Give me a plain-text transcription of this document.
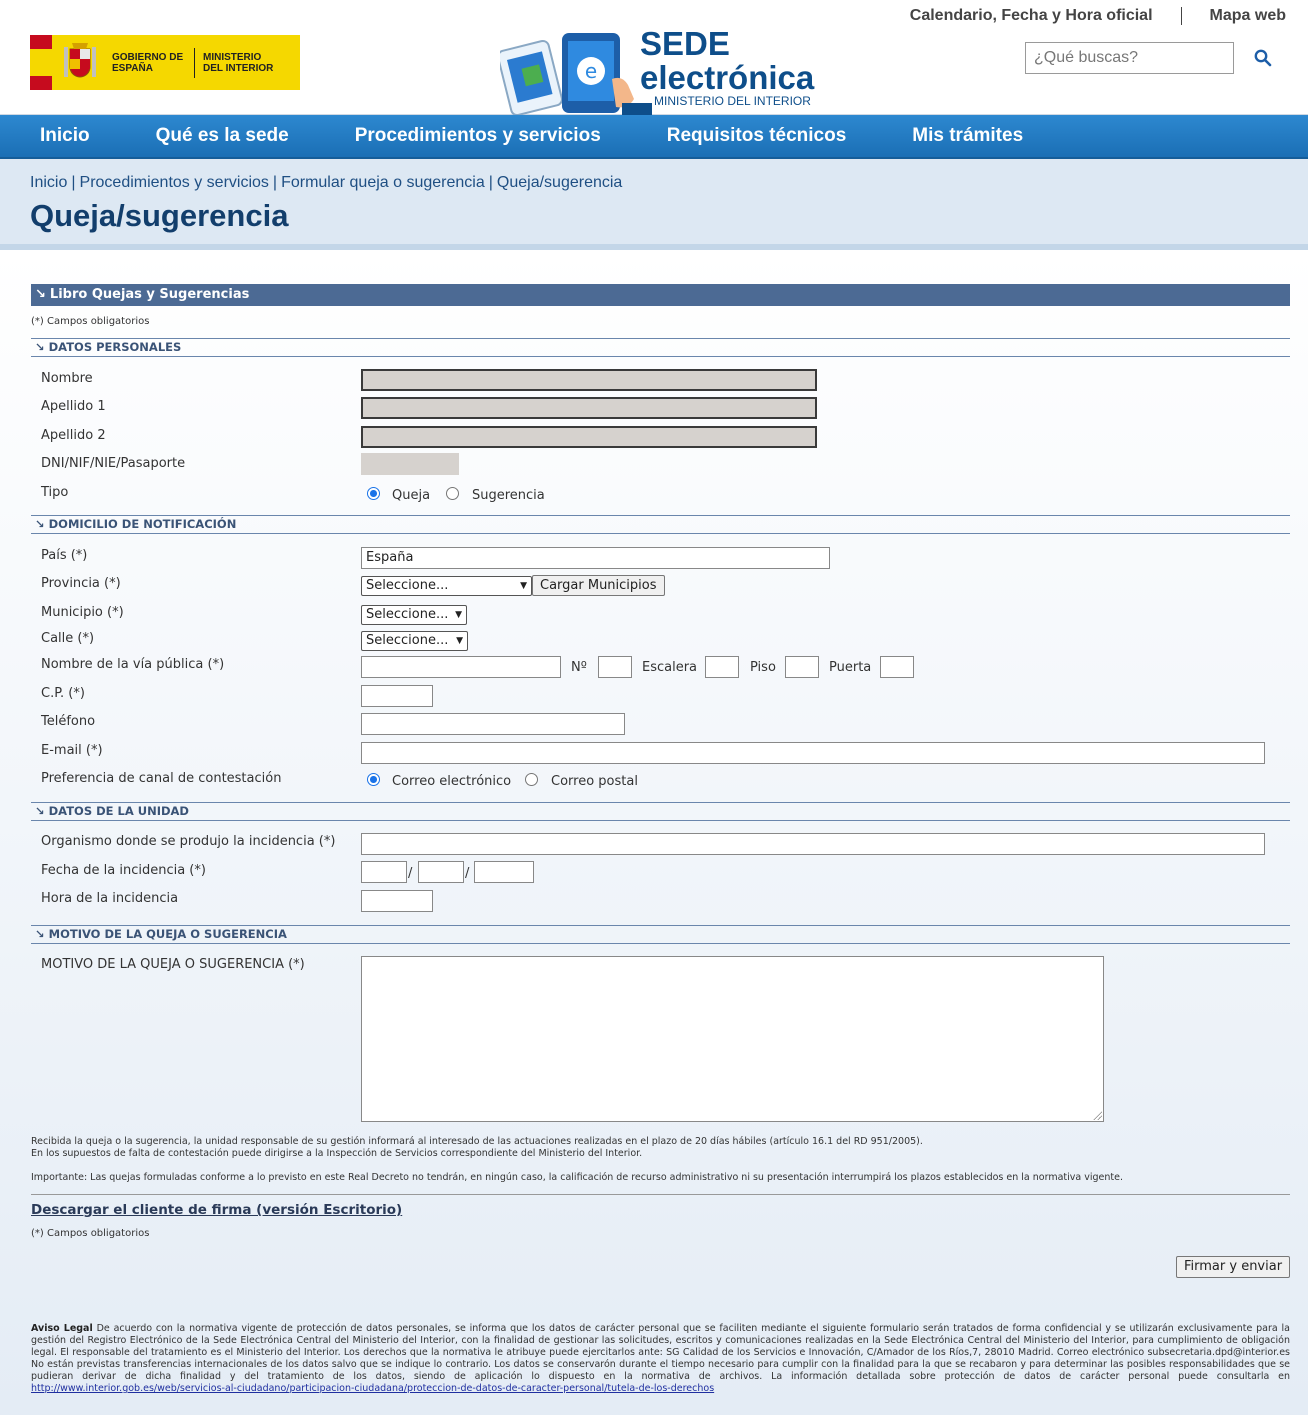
GOBIERNO DE ESPAÑA
MINISTERIO DEL INTERIOR	e
SEDE
electrónica
MINISTERIO DEL INTERIOR
Calendario, Fecha y Hora oficial	Mapa web
¿Qué buscas?
Inicio	Qué es la sede	Procedimientos y servicios	Requisitos técnicos	Mis trámites
Inicio | Procedimientos y servicios | Formular queja o sugerencia | Queja/sugerencia
Queja/sugerencia
↘ Libro Quejas y Sugerencias
(*) Campos obligatorios
↘ DATOS PERSONALES
Nombre
Apellido 1
Apellido 2
DNI/NIF/NIE/Pasaporte
Tipo	Queja	Sugerencia
↘ DOMICILIO DE NOTIFICACIÓN
País (*)	España
Provincia (*)	Seleccione...	▼	Cargar Municipios
Municipio (*)	Seleccione... ▼
Calle (*)	Seleccione... ▼
Nombre de la vía pública (*)	Nº	Escalera	Piso	Puerta
C.P. (*)
Teléfono
E-mail (*)
Preferencia de canal de contestación	Correo electrónico	Correo postal
↘ DATOS DE LA UNIDAD
Organismo donde se produjo la incidencia (*)
Fecha de la incidencia (*)	/	/
Hora de la incidencia
↘ MOTIVO DE LA QUEJA O SUGERENCIA
MOTIVO DE LA QUEJA O SUGERENCIA (*)
Recibida la queja o la sugerencia, la unidad responsable de su gestión informará al interesado de las actuaciones realizadas en el plazo de 20 días hábiles (artículo 16.1 del RD 951/2005).
En los supuestos de falta de contestación puede dirigirse a la Inspección de Servicios correspondiente del Ministerio del Interior.
Importante: Las quejas formuladas conforme a lo previsto en este Real Decreto no tendrán, en ningún caso, la calificación de recurso administrativo ni su presentación interrumpirá los plazos establecidos en la normativa vigente.
Descargar el cliente de firma (versión Escritorio)
(*) Campos obligatorios
Firmar y enviar
Aviso Legal De acuerdo con la normativa vigente de protección de datos personales, se informa que los datos de carácter personal que se faciliten mediante el siguiente formulario serán tratados de forma confidencial y se utilizarán exclusivamente para la gestión del Registro Electrónico de la Sede Electrónica Central del Ministerio del Interior, con la finalidad de gestionar las solicitudes, escritos y comunicaciones realizadas en la Sede Electrónica Central del Ministerio del Interior, para cumplimiento de obligación legal. El responsable del tratamiento es el Ministerio del Interior. Los derechos que la normativa le atribuye puede ejercitarlos ante: SG Calidad de los Servicios e Innovación, C/Amador de los Ríos,7, 28010 Madrid. Correo electrónico subsecretaria.dpd@interior.es No están previstas transferencias internacionales de los datos salvo que se indique lo contrario. Los datos se conservarón durante el tiempo necesario para cumplir con la finalidad para la que se recabaron y para determinar las posibles responsabilidades que se pudieran derivar de dicha finalidad y del tratamiento de los datos, siendo de aplicación lo dispuesto en la normativa de archivos. La información detallada sobre protección de datos de carácter personal puede consultarla en http://www.interior.gob.es/web/servicios-al-ciudadano/participacion-ciudadana/proteccion-de-datos-de-caracter-personal/tutela-de-los-derechos
